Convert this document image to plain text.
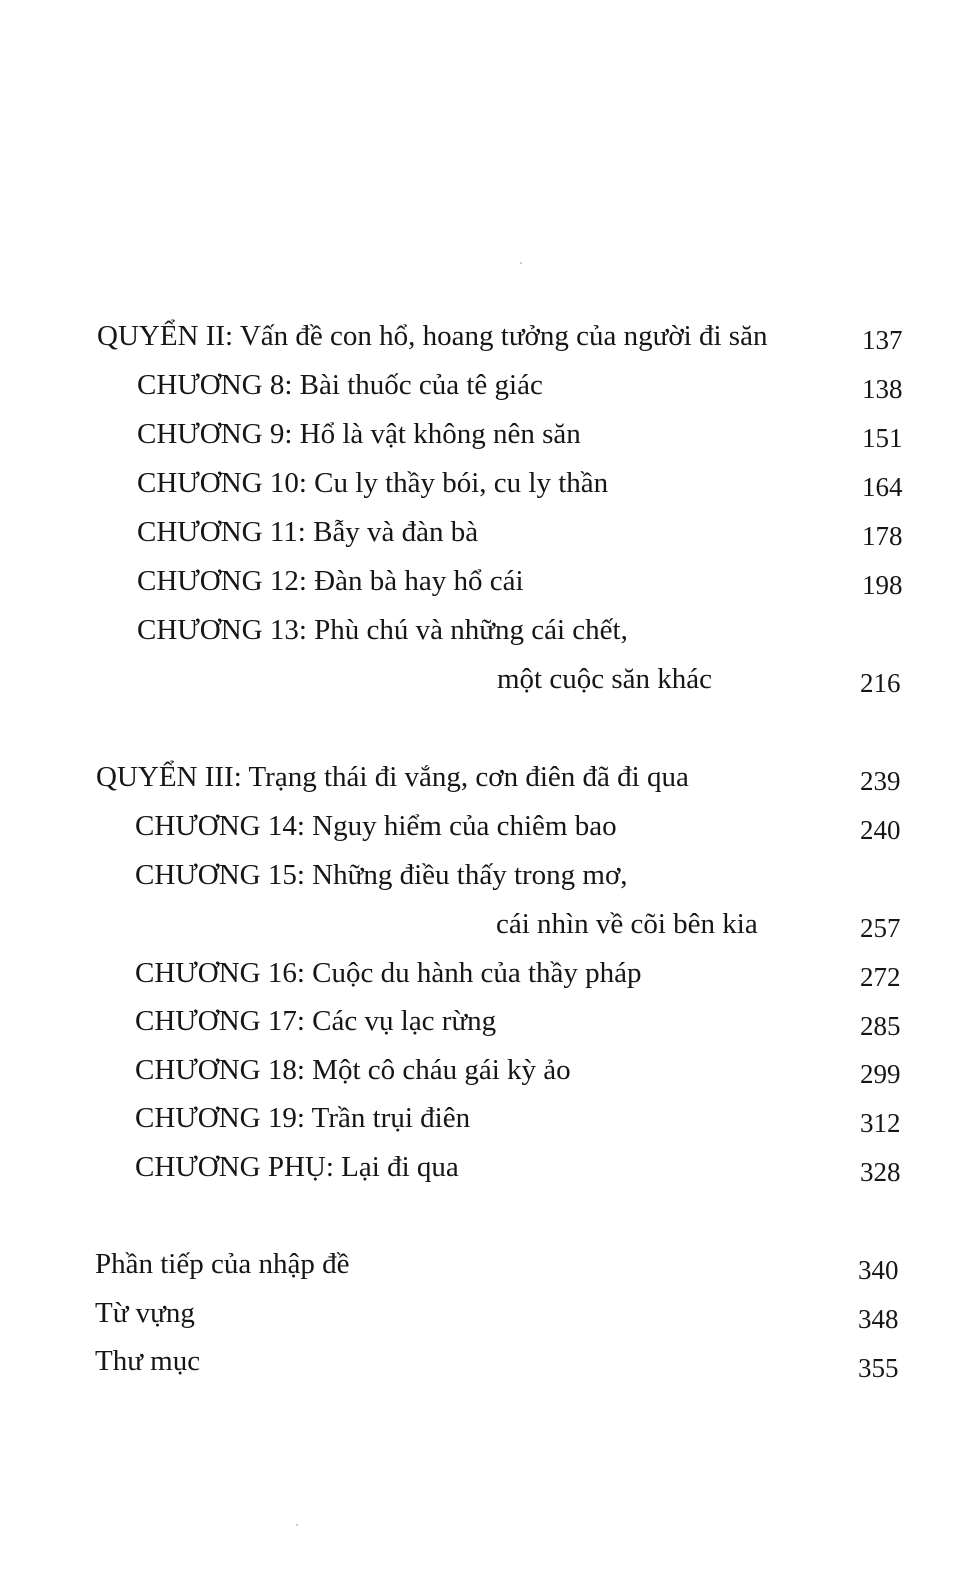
QUYỂN II: Vấn đề con hổ, hoang tưởng của người đi săn	137
CHƯƠNG 8: Bài thuốc của tê giác	138
CHƯƠNG 9: Hổ là vật không nên săn	151
CHƯƠNG 10: Cu ly thầy bói, cu ly thần	164
CHƯƠNG 11: Bẫy và đàn bà	178
CHƯƠNG 12: Đàn bà hay hổ cái	198
CHƯƠNG 13: Phù chú và những cái chết,
một cuộc săn khác	216
QUYỂN III: Trạng thái đi vắng, cơn điên đã đi qua	239
CHƯƠNG 14: Nguy hiểm của chiêm bao	240
CHƯƠNG 15: Những điều thấy trong mơ,
cái nhìn về cõi bên kia	257
CHƯƠNG 16: Cuộc du hành của thầy pháp	272
CHƯƠNG 17: Các vụ lạc rừng	285
CHƯƠNG 18: Một cô cháu gái kỳ ảo	299
CHƯƠNG 19: Trần trụi điên	312
CHƯƠNG PHỤ: Lại đi qua	328
Phần tiếp của nhập đề	340
Từ vựng	348
Thư mục	355
